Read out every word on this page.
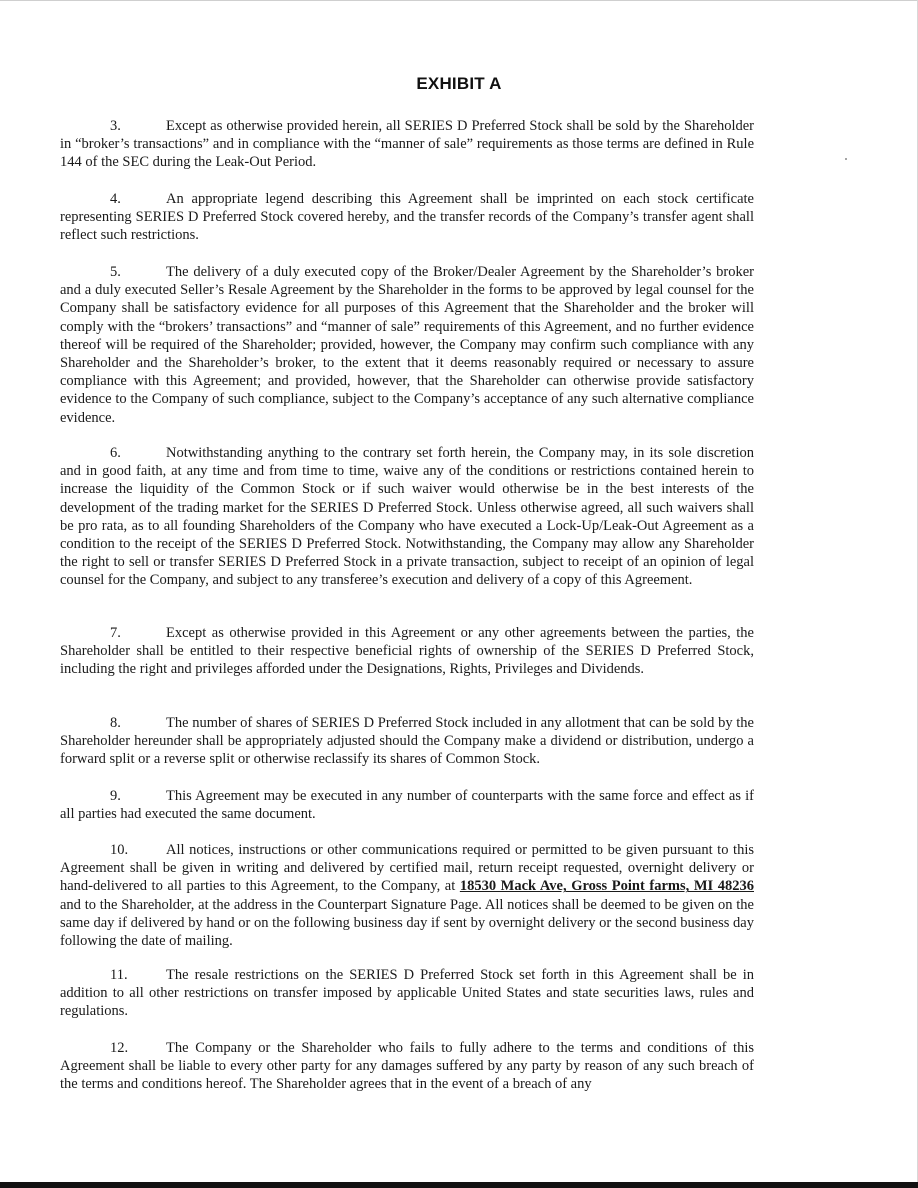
EXHIBIT A

3.	Except as otherwise provided herein, all SERIES D Preferred Stock shall be sold by the Shareholder in “broker’s transactions” and in compliance with the “manner of sale” requirements as those terms are defined in Rule 144 of the SEC during the Leak-Out Period.

4.	An appropriate legend describing this Agreement shall be imprinted on each stock certificate representing SERIES D Preferred Stock covered hereby, and the transfer records of the Company’s transfer agent shall reflect such restrictions.

5.	The delivery of a duly executed copy of the Broker/Dealer Agreement by the Shareholder’s broker and a duly executed Seller’s Resale Agreement by the Shareholder in the forms to be approved by legal counsel for the Company shall be satisfactory evidence for all purposes of this Agreement that the Shareholder and the broker will comply with the “brokers’ transactions” and “manner of sale” requirements of this Agreement, and no further evidence thereof will be required of the Shareholder; provided, however, the Company may confirm such compliance with any Shareholder and the Shareholder’s broker, to the extent that it deems reasonably required or necessary to assure compliance with this Agreement; and provided, however, that the Shareholder can otherwise provide satisfactory evidence to the Company of such compliance, subject to the Company’s acceptance of any such alternative compliance evidence.

6.	Notwithstanding anything to the contrary set forth herein, the Company may, in its sole discretion and in good faith, at any time and from time to time, waive any of the conditions or restrictions contained herein to increase the liquidity of the Common Stock or if such waiver would otherwise be in the best interests of the development of the trading market for the SERIES D Preferred Stock. Unless otherwise agreed, all such waivers shall be pro rata, as to all founding Shareholders of the Company who have executed a Lock-Up/Leak-Out Agreement as a condition to the receipt of the SERIES D Preferred Stock. Notwithstanding, the Company may allow any Shareholder the right to sell or transfer SERIES D Preferred Stock in a private transaction, subject to receipt of an opinion of legal counsel for the Company, and subject to any transferee’s execution and delivery of a copy of this Agreement.

7.	Except as otherwise provided in this Agreement or any other agreements between the parties, the Shareholder shall be entitled to their respective beneficial rights of ownership of the SERIES D Preferred Stock, including the right and privileges afforded under the Designations, Rights, Privileges and Dividends.

8.	The number of shares of SERIES D Preferred Stock included in any allotment that can be sold by the Shareholder hereunder shall be appropriately adjusted should the Company make a dividend or distribution, undergo a forward split or a reverse split or otherwise reclassify its shares of Common Stock.

9.	This Agreement may be executed in any number of counterparts with the same force and effect as if all parties had executed the same document.

10.	All notices, instructions or other communications required or permitted to be given pursuant to this Agreement shall be given in writing and delivered by certified mail, return receipt requested, overnight delivery or hand-delivered to all parties to this Agreement, to the Company, at 18530 Mack Ave, Gross Point farms, MI 48236 and to the Shareholder, at the address in the Counterpart Signature Page. All notices shall be deemed to be given on the same day if delivered by hand or on the following business day if sent by overnight delivery or the second business day following the date of mailing.

11.	The resale restrictions on the SERIES D Preferred Stock set forth in this Agreement shall be in addition to all other restrictions on transfer imposed by applicable United States and state securities laws, rules and regulations.

12.	The Company or the Shareholder who fails to fully adhere to the terms and conditions of this Agreement shall be liable to every other party for any damages suffered by any party by reason of any such breach of the terms and conditions hereof. The Shareholder agrees that in the event of a breach of any
